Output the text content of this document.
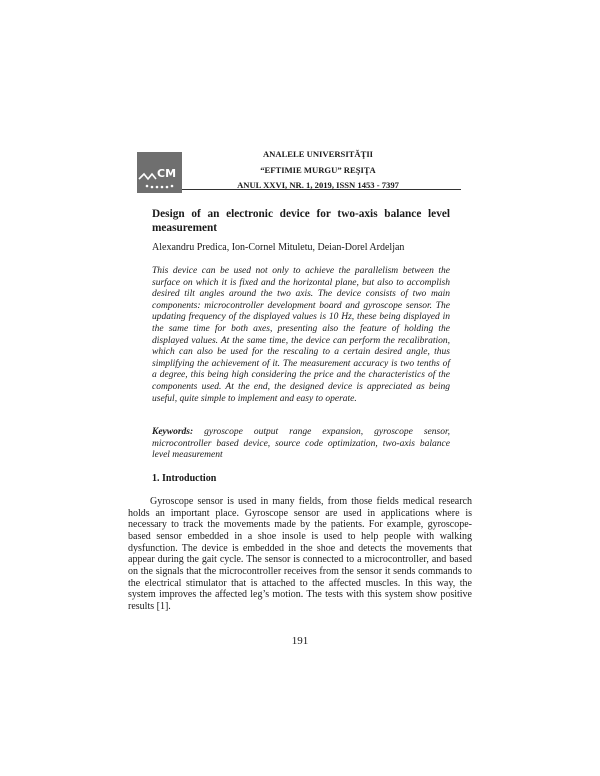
CM
ANALELE UNIVERSITĂŢII
“EFTIMIE MURGU” REŞIŢA
ANUL XXVI, NR. 1, 2019, ISSN 1453 - 7397
Design of an electronic device for two-axis balance level measurement
Alexandru Predica, Ion-Cornel Mituletu, Deian-Dorel Ardeljan

This device can be used not only to achieve the parallelism between the surface on which it is fixed and the horizontal plane, but also to accomplish desired tilt angles around the two axis. The device consists of two main components: microcontroller development board and gyroscope sensor. The updating frequency of the displayed values is 10 Hz, these being displayed in the same time for both axes, presenting also the feature of holding the displayed values. At the same time, the device can perform the recalibration, which can also be used for the rescaling to a certain desired angle, thus simplifying the achievement of it. The measurement accuracy is two tenths of a degree, this being high considering the price and the characteristics of the components used. At the end, the designed device is appreciated as being useful, quite simple to implement and easy to operate.

Keywords: gyroscope output range expansion, gyroscope sensor, microcontroller based device, source code optimization, two-axis balance level measurement

1. Introduction

Gyroscope sensor is used in many fields, from those fields medical research holds an important place. Gyroscope sensor are used in applications where is necessary to track the movements made by the patients. For example, gyroscope-based sensor embedded in a shoe insole is used to help people with walking dysfunction. The device is embedded in the shoe and detects the movements that appear during the gait cycle. The sensor is connected to a microcontroller, and based on the signals that the microcontroller receives from the sensor it sends commands to the electrical stimulator that is attached to the affected muscles. In this way, the system improves the affected leg’s motion. The tests with this system show positive results [1].

191
